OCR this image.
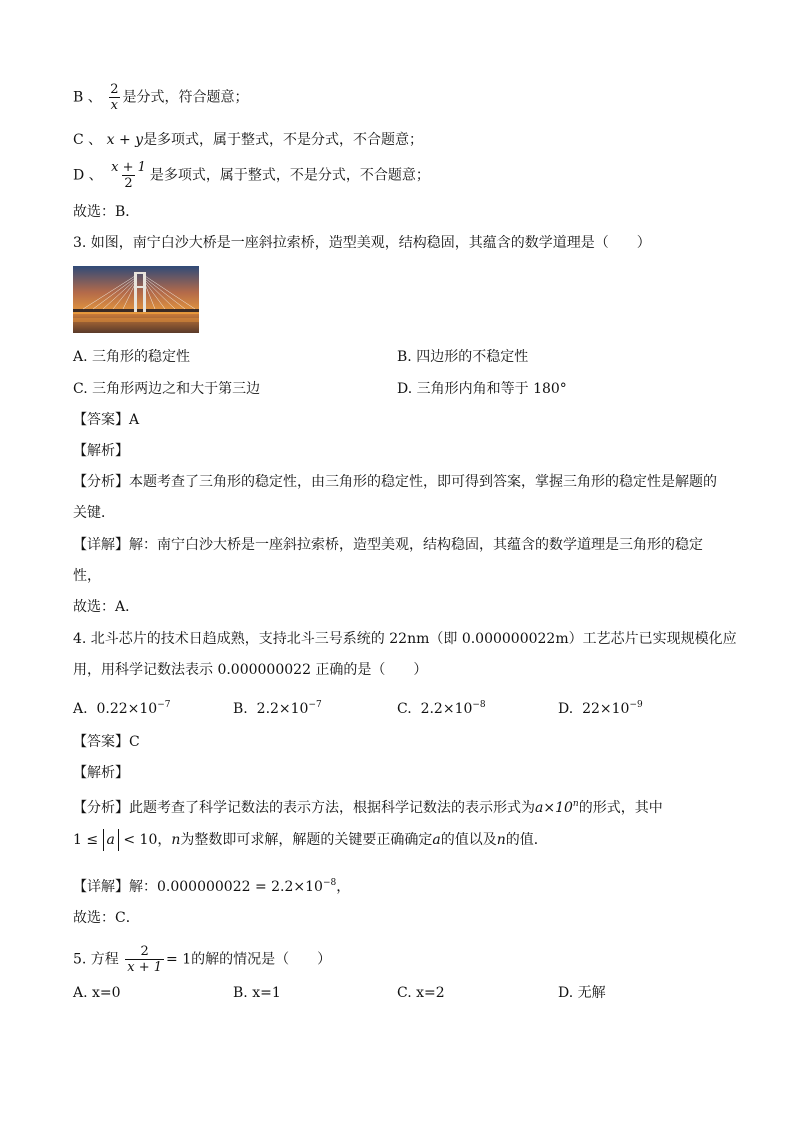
B 、 $\frac{2}{x}$ 是分式，符合题意；
C 、 x + y是多项式，属于整式，不是分式，不合题意；
D 、 $\frac{x + 1}{2}$ 是多项式，属于整式，不是分式，不合题意；
故选：B．
3. 如图，南宁白沙大桥是一座斜拉索桥，造型美观，结构稳固，其蕴含的数学道理是（　　）
A. 三角形的稳定性	B. 四边形的不稳定性
C. 三角形两边之和大于第三边	D. 三角形内角和等于 180°
【答案】A
【解析】
【分析】本题考查了三角形的稳定性，由三角形的稳定性，即可得到答案，掌握三角形的稳定性是解题的
关键．
【详解】解：南宁白沙大桥是一座斜拉索桥，造型美观，结构稳固，其蕴含的数学道理是三角形的稳定
性，
故选：A．
4. 北斗芯片的技术日趋成熟，支持北斗三号系统的 22nm（即 0.000000022m）工艺芯片已实现规模化应
用，用科学记数法表示 0.000000022 正确的是（　　）
A. $0.22\times 10^{-7}$	B. $2.2\times 10^{-7}$	C. $2.2\times 10^{-8}$	D. $22\times 10^{-9}$
【答案】C
【解析】
【分析】此题考查了科学记数法的表示方法，根据科学记数法的表示形式为$a\times 10^n$的形式，其中
1 ≤ a < 10，n为整数即可求解，解题的关键要正确确定a的值以及n的值．
【详解】解：$0.000000022 = 2.2\times 10^{-8}$，
故选：C．
5. 方程 $\frac{2}{x + 1} = 1$的解的情况是（　　）
A. x=0	B. x=1	C. x=2	D. 无解
